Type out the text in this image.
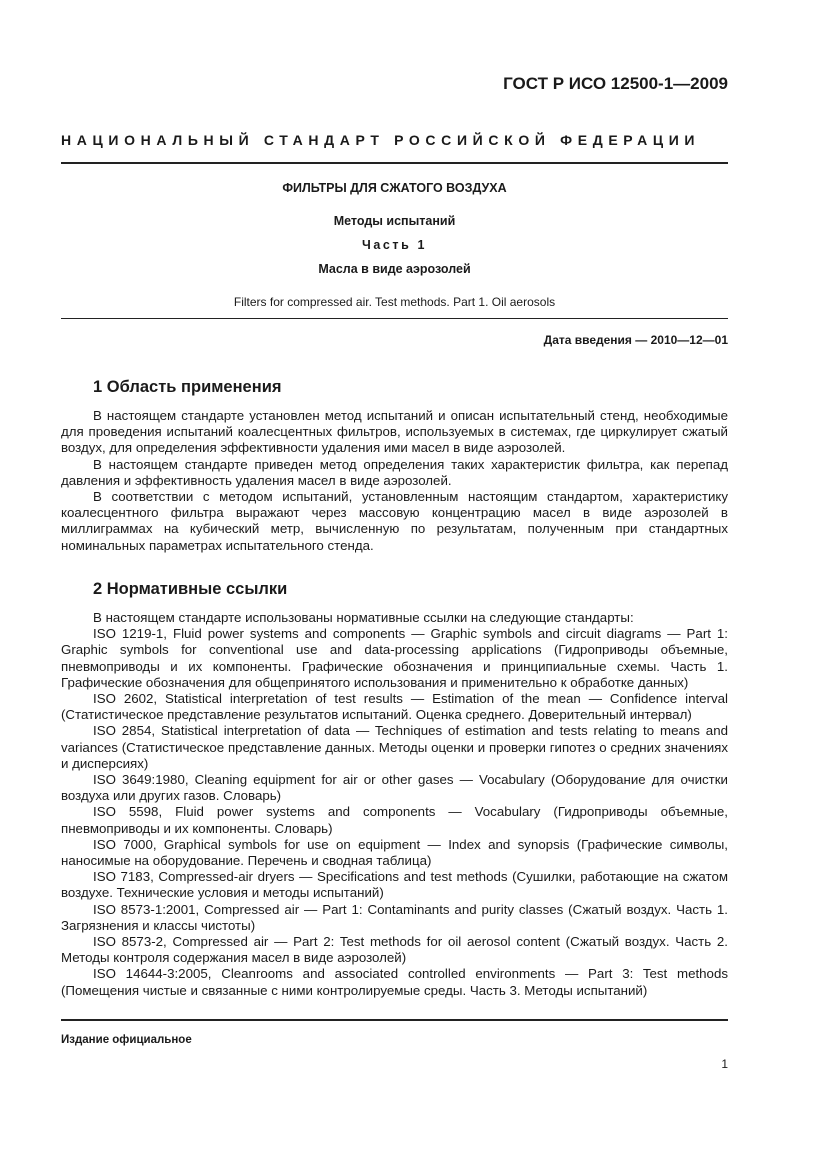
ГОСТ Р ИСО 12500-1—2009
НАЦИОНАЛЬНЫЙ СТАНДАРТ РОССИЙСКОЙ ФЕДЕРАЦИИ
ФИЛЬТРЫ ДЛЯ СЖАТОГО ВОЗДУХА
Методы испытаний
Часть 1
Масла в виде аэрозолей
Filters for compressed air. Test methods. Part 1. Oil aerosols
Дата введения — 2010—12—01
1 Область применения

В настоящем стандарте установлен метод испытаний и описан испытательный стенд, необходимые для проведения испытаний коалесцентных фильтров, используемых в системах, где циркулирует сжатый воздух, для определения эффективности удаления ими масел в виде аэрозолей.

В настоящем стандарте приведен метод определения таких характеристик фильтра, как перепад давления и эффективность удаления масел в виде аэрозолей.

В соответствии с методом испытаний, установленным настоящим стандартом, характеристику коалесцентного фильтра выражают через массовую концентрацию масел в виде аэрозолей в миллиграммах на кубический метр, вычисленную по результатам, полученным при стандартных номинальных параметрах испытательного стенда.

2 Нормативные ссылки

В настоящем стандарте использованы нормативные ссылки на следующие стандарты:

ISO 1219-1, Fluid power systems and components — Graphic symbols and circuit diagrams — Part 1: Graphic symbols for conventional use and data-processing applications (Гидроприводы объемные, пневмоприводы и их компоненты. Графические обозначения и принципиальные схемы. Часть 1. Графические обозначения для общепринятого использования и применительно к обработке данных)

ISO 2602, Statistical interpretation of test results — Estimation of the mean — Confidence interval (Статистическое представление результатов испытаний. Оценка среднего. Доверительный интервал)

ISO 2854, Statistical interpretation of data — Techniques of estimation and tests relating to means and variances (Статистическое представление данных. Методы оценки и проверки гипотез о средних значениях и дисперсиях)

ISO 3649:1980, Cleaning equipment for air or other gases — Vocabulary (Оборудование для очистки воздуха или других газов. Словарь)

ISO 5598, Fluid power systems and components — Vocabulary (Гидроприводы объемные, пневмоприводы и их компоненты. Словарь)

ISO 7000, Graphical symbols for use on equipment — Index and synopsis (Графические символы, наносимые на оборудование. Перечень и сводная таблица)

ISO 7183, Compressed-air dryers — Specifications and test methods (Сушилки, работающие на сжатом воздухе. Технические условия и методы испытаний)

ISO 8573-1:2001, Compressed air — Part 1: Contaminants and purity classes (Сжатый воздух. Часть 1. Загрязнения и классы чистоты)

ISO 8573-2, Compressed air — Part 2: Test methods for oil aerosol content (Сжатый воздух. Часть 2. Методы контроля содержания масел в виде аэрозолей)

ISO 14644-3:2005, Cleanrooms and associated controlled environments — Part 3: Test methods (Помещения чистые и связанные с ними контролируемые среды. Часть 3. Методы испытаний)

Издание официальное
1
